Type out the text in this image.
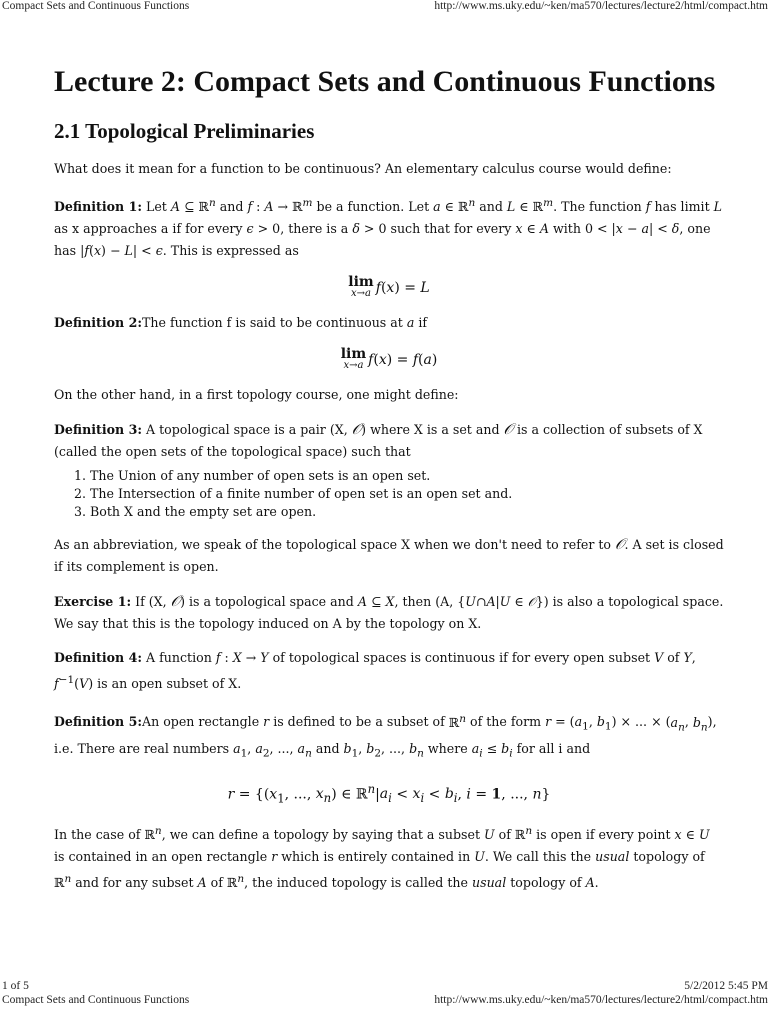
Compact Sets and Continuous Functions	http://www.ms.uky.edu/~ken/ma570/lectures/lecture2/html/compact.htm
Lecture 2: Compact Sets and Continuous Functions
2.1 Topological Preliminaries

What does it mean for a function to be continuous? An elementary calculus course would define:

Definition 1: Let A ⊆ ℝ$^n$ and f : A → ℝ$^m$ be a function. Let a ∈ ℝ$^n$ and L ∈ ℝ$^m$. The function f has limit L as x approaches a if for every ϵ > 0, there is a δ > 0 such that for every x ∈ A with 0 < |x − a| < δ, one has |f(x) − L| < ϵ. This is expressed as

lim
x→a f(x) = L

Definition 2:The function f is said to be continuous at a if

lim
x→a f(x) = f(a)

On the other hand, in a first topology course, one might define:

Definition 3: A topological space is a pair (X, 𝒪) where X is a set and 𝒪 is a collection of subsets of X (called the open sets of the topological space) such that

1. The Union of any number of open sets is an open set.
2. The Intersection of a finite number of open set is an open set and.
3. Both X and the empty set are open.

As an abbreviation, we speak of the topological space X when we don't need to refer to 𝒪. A set is closed if its complement is open.

Exercise 1: If (X, 𝒪) is a topological space and A ⊆ X, then (A, {U∩A|U ∈ 𝒪}) is also a topological space. We say that this is the topology induced on A by the topology on X.

Definition 4: A function f : X → Y of topological spaces is continuous if for every open subset V of Y, $f^{-1}(V)$ is an open subset of X.

Definition 5:An open rectangle r is defined to be a subset of ℝ$^n$ of the form $r = (a_1$, $b_1$) × ... × ($a_n$, $b_n$), i.e. There are real numbers $a_1$, $a_2$, ..., $a_n$ and $b_1$, $b_2$, ..., $b_n$ where $a_i \le b_i$ for all i and

$r = \{(x_1$, ..., $x_n$) ∈ $ℝ^n|a_i < x_i < b_i$, i = 1, ..., n}

In the case of ℝ$^n$, we can define a topology by saying that a subset U of ℝ$^n$ is open if every point x ∈ U is contained in an open rectangle r which is entirely contained in U. We call this the usual topology of ℝ$^n$ and for any subset A of ℝ$^n$, the induced topology is called the usual topology of A.

1 of 5	5/2/2012 5:45 PM
Compact Sets and Continuous Functions	http://www.ms.uky.edu/~ken/ma570/lectures/lecture2/html/compact.htm
